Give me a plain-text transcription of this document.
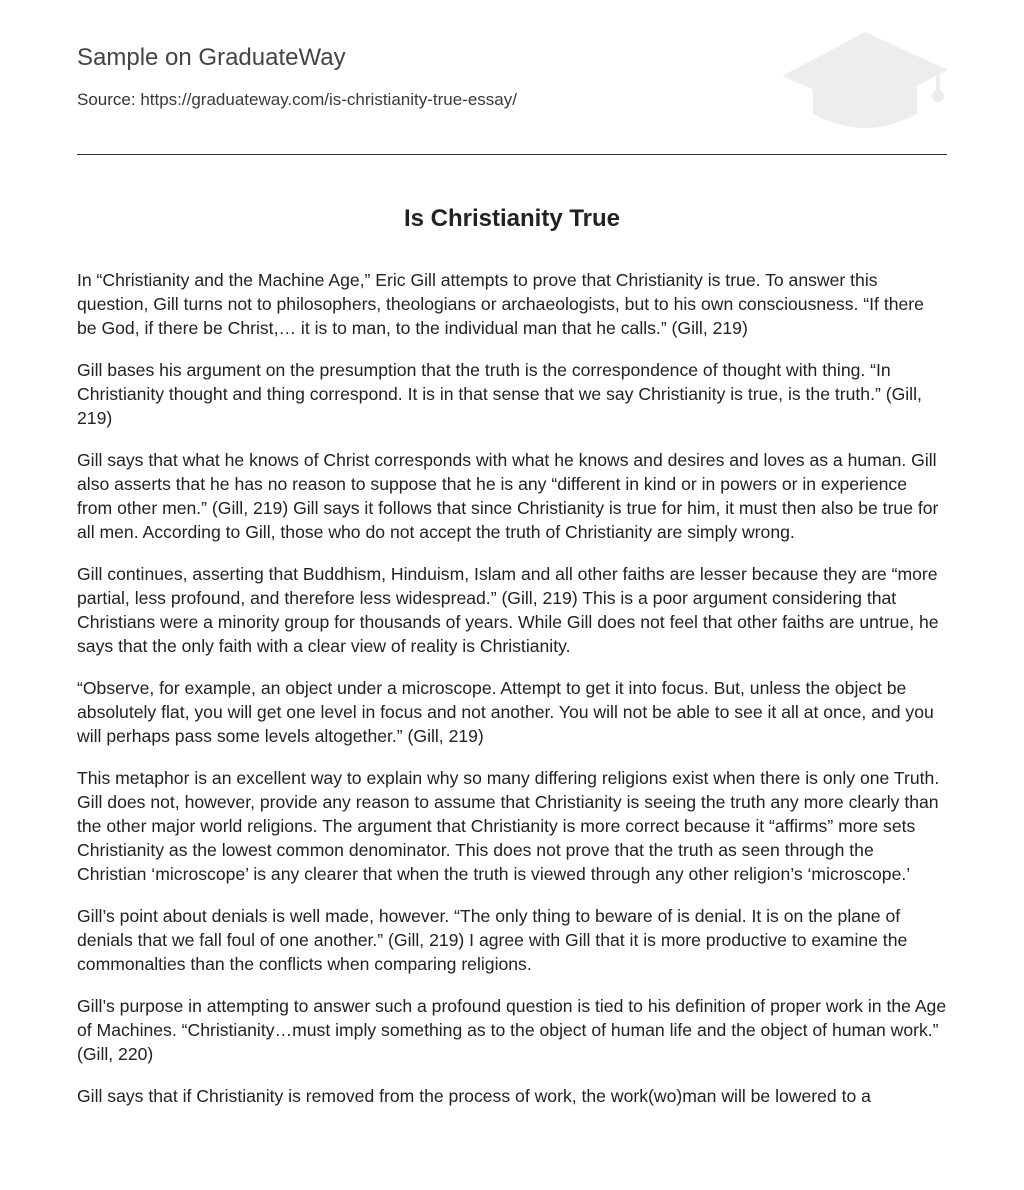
Sample on GraduateWay
Source: https://graduateway.com/is-christianity-true-essay/
Is Christianity True

In “Christianity and the Machine Age,” Eric Gill attempts to prove that Christianity is true. To answer this question, Gill turns not to philosophers, theologians or archaeologists, but to his own consciousness. “If there be God, if there be Christ,… it is to man, to the individual man that he calls.” (Gill, 219)

Gill bases his argument on the presumption that the truth is the correspondence of thought with thing. “In Christianity thought and thing correspond. It is in that sense that we say Christianity is true, is the truth.” (Gill, 219)

Gill says that what he knows of Christ corresponds with what he knows and desires and loves as a human. Gill also asserts that he has no reason to suppose that he is any “different in kind or in powers or in experience from other men.” (Gill, 219) Gill says it follows that since Christianity is true for him, it must then also be true for all men. According to Gill, those who do not accept the truth of Christianity are simply wrong.

Gill continues, asserting that Buddhism, Hinduism, Islam and all other faiths are lesser because they are “more partial, less profound, and therefore less widespread.” (Gill, 219) This is a poor argument considering that Christians were a minority group for thousands of years. While Gill does not feel that other faiths are untrue, he says that the only faith with a clear view of reality is Christianity.

“Observe, for example, an object under a microscope. Attempt to get it into focus. But, unless the object be absolutely flat, you will get one level in focus and not another. You will not be able to see it all at once, and you will perhaps pass some levels altogether.” (Gill, 219)

This metaphor is an excellent way to explain why so many differing religions exist when there is only one Truth. Gill does not, however, provide any reason to assume that Christianity is seeing the truth any more clearly than the other major world religions. The argument that Christianity is more correct because it “affirms” more sets Christianity as the lowest common denominator. This does not prove that the truth as seen through the Christian ‘microscope’ is any clearer that when the truth is viewed through any other religion’s ‘microscope.’

Gill’s point about denials is well made, however. “The only thing to beware of is denial. It is on the plane of denials that we fall foul of one another.” (Gill, 219) I agree with Gill that it is more productive to examine the commonalties than the conflicts when comparing religions.

Gill’s purpose in attempting to answer such a profound question is tied to his definition of proper work in the Age of Machines. “Christianity…must imply something as to the object of human life and the object of human work.” (Gill, 220)

Gill says that if Christianity is removed from the process of work, the work(wo)man will be lowered to a
